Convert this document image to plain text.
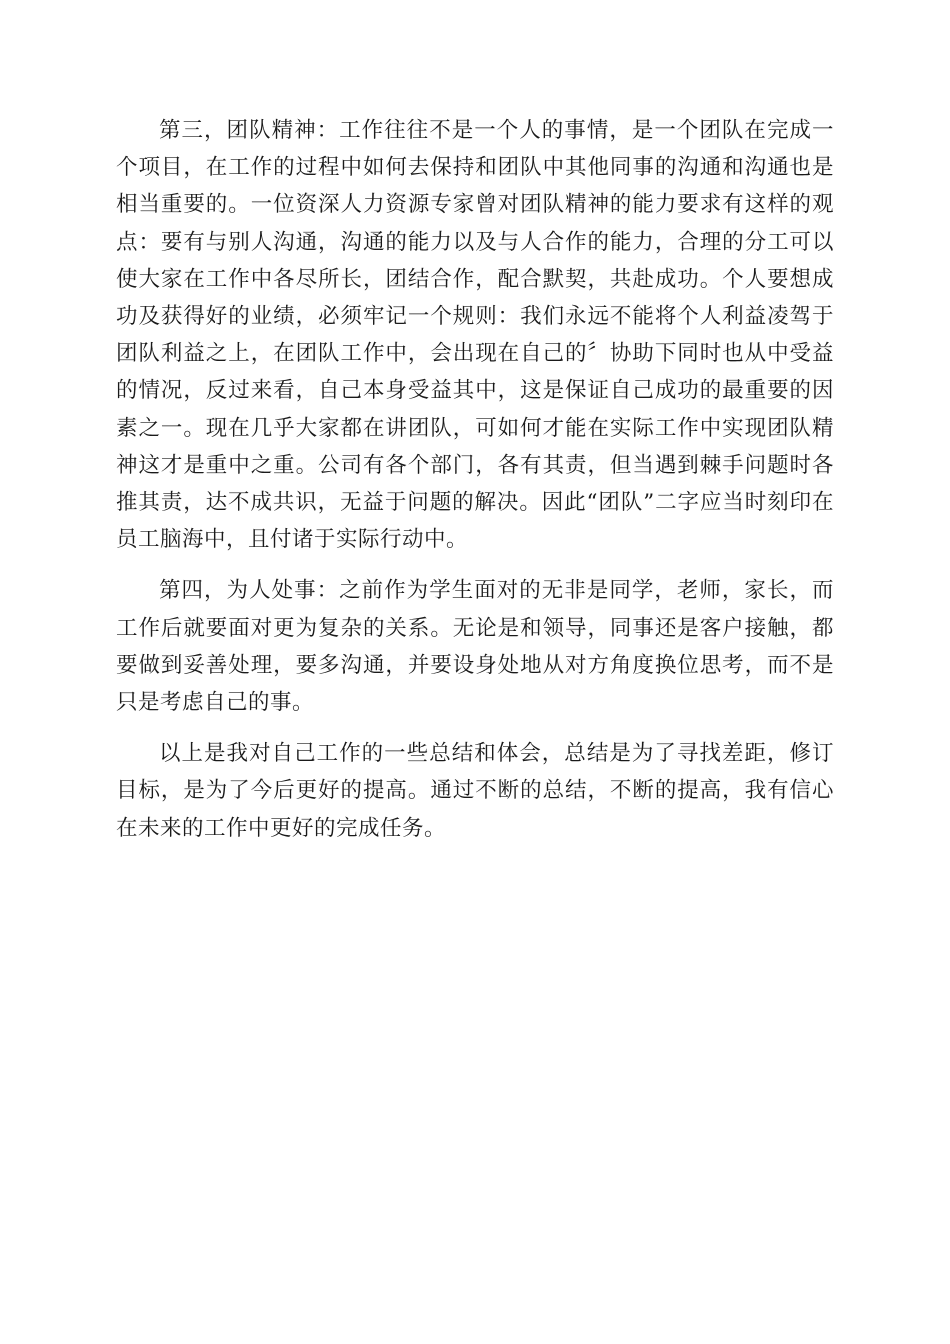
第三，团队精神：工作往往不是一个人的事情，是一个团队在完成一个项目，在工作的过程中如何去保持和团队中其他同事的沟通和沟通也是相当重要的。一位资深人力资源专家曾对团队精神的能力要求有这样的观点：要有与别人沟通，沟通的能力以及与人合作的能力，合理的分工可以使大家在工作中各尽所长，团结合作，配合默契，共赴成功。个人要想成功及获得好的业绩，必须牢记一个规则：我们永远不能将个人利益凌驾于团队利益之上，在团队工作中，会出现在自己的〞协助下同时也从中受益的情况，反过来看，自己本身受益其中，这是保证自己成功的最重要的因素之一。现在几乎大家都在讲团队，可如何才能在实际工作中实现团队精神这才是重中之重。公司有各个部门，各有其责，但当遇到棘手问题时各推其责，达不成共识，无益于问题的解决。因此“团队”二字应当时刻印在员工脑海中，且付诸于实际行动中。

第四，为人处事：之前作为学生面对的无非是同学，老师，家长，而工作后就要面对更为复杂的关系。无论是和领导，同事还是客户接触，都要做到妥善处理，要多沟通，并要设身处地从对方角度换位思考，而不是只是考虑自己的事。

以上是我对自己工作的一些总结和体会，总结是为了寻找差距，修订目标，是为了今后更好的提高。通过不断的总结，不断的提高，我有信心在未来的工作中更好的完成任务。
